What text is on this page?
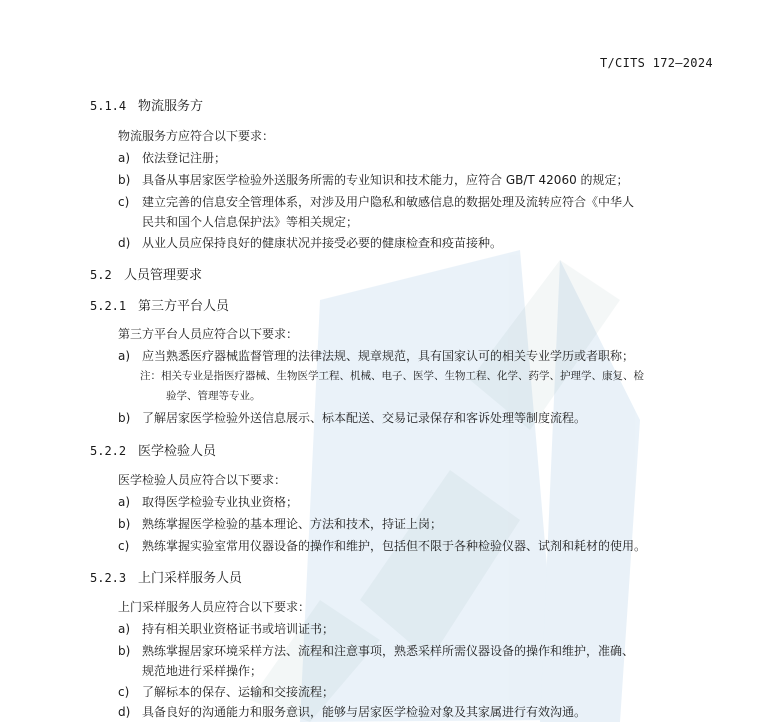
T/CITS 172—2024
5.1.4 物流服务方
物流服务方应符合以下要求：
a) 依法登记注册；
b) 具备从事居家医学检验外送服务所需的专业知识和技术能力，应符合 GB/T 42060 的规定；
c) 建立完善的信息安全管理体系，对涉及用户隐私和敏感信息的数据处理及流转应符合《中华人
民共和国个人信息保护法》等相关规定；
d) 从业人员应保持良好的健康状况并接受必要的健康检查和疫苗接种。
5.2 人员管理要求
5.2.1 第三方平台人员
第三方平台人员应符合以下要求：
a) 应当熟悉医疗器械监督管理的法律法规、规章规范，具有国家认可的相关专业学历或者职称；
注：相关专业是指医疗器械、生物医学工程、机械、电子、医学、生物工程、化学、药学、护理学、康复、检
验学、管理等专业。
b) 了解居家医学检验外送信息展示、标本配送、交易记录保存和客诉处理等制度流程。
5.2.2 医学检验人员
医学检验人员应符合以下要求：
a) 取得医学检验专业执业资格；
b) 熟练掌握医学检验的基本理论、方法和技术，持证上岗；
c) 熟练掌握实验室常用仪器设备的操作和维护，包括但不限于各种检验仪器、试剂和耗材的使用。
5.2.3 上门采样服务人员
上门采样服务人员应符合以下要求：
a) 持有相关职业资格证书或培训证书；
b) 熟练掌握居家环境采样方法、流程和注意事项，熟悉采样所需仪器设备的操作和维护，准确、
规范地进行采样操作；
c) 了解标本的保存、运输和交接流程；
d) 具备良好的沟通能力和服务意识，能够与居家医学检验对象及其家属进行有效沟通。
